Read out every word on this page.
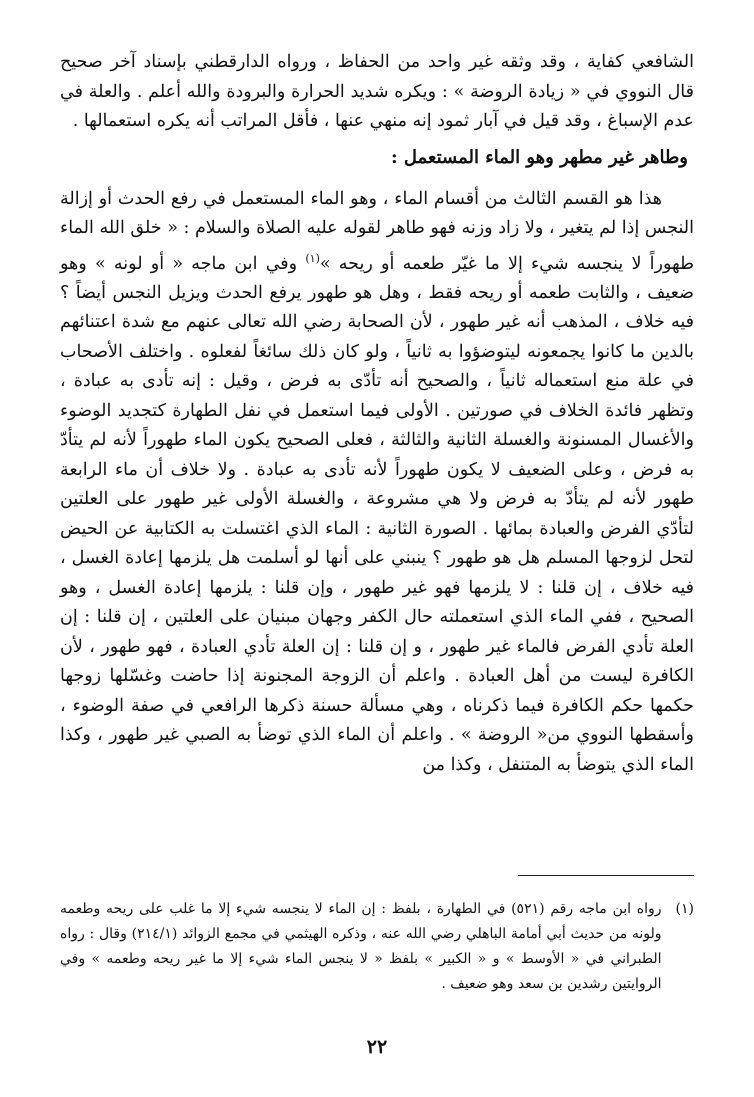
الشافعي كفاية ، وقد وثقه غير واحد من الحفاظ ، ورواه الدارقطني بإسناد آخر صحيح قال النووي في « زيادة الروضة » : ويكره شديد الحرارة والبرودة والله أعلم . والعلة في عدم الإسباغ ، وقد قيل في آبار ثمود إنه منهي عنها ، فأقل المراتب أنه يكره استعمالها .

وطاهر غير مطهر وهو الماء المستعمل :

هذا هو القسم الثالث من أقسام الماء ، وهو الماء المستعمل في رفع الحدث أو إزالة النجس إذا لم يتغير ، ولا زاد وزنه فهو طاهر لقوله عليه الصلاة والسلام : « خلق الله الماء طهوراً لا ينجسه شيء إلا ما غيّر طعمه أو ريحه »$^{(١)}$ وفي ابن ماجه « أو لونه » وهو ضعيف ، والثابت طعمه أو ريحه فقط ، وهل هو طهور يرفع الحدث ويزيل النجس أيضاً ؟ فيه خلاف ، المذهب أنه غير طهور ، لأن الصحابة رضي الله تعالى عنهم مع شدة اعتنائهم بالدين ما كانوا يجمعونه ليتوضؤوا به ثانياً ، ولو كان ذلك سائغاً لفعلوه . واختلف الأصحاب في علة منع استعماله ثانياً ، والصحيح أنه تأدّى به فرض ، وقيل : إنه تأدى به عبادة ، وتظهر فائدة الخلاف في صورتين . الأولى فيما استعمل في نفل الطهارة كتجديد الوضوء والأغسال المسنونة والغسلة الثانية والثالثة ، فعلى الصحيح يكون الماء طهوراً لأنه لم يتأدّ به فرض ، وعلى الضعيف لا يكون طهوراً لأنه تأدى به عبادة . ولا خلاف أن ماء الرابعة طهور لأنه لم يتأدّ به فرض ولا هي مشروعة ، والغسلة الأولى غير طهور على العلتين لتأدّي الفرض والعبادة بمائها . الصورة الثانية : الماء الذي اغتسلت به الكتابية عن الحيض لتحل لزوجها المسلم هل هو طهور ؟ ينبني على أنها لو أسلمت هل يلزمها إعادة الغسل ، فيه خلاف ، إن قلنا : لا يلزمها فهو غير طهور ، وإن قلنا : يلزمها إعادة الغسل ، وهو الصحيح ، ففي الماء الذي استعملته حال الكفر وجهان مبنيان على العلتين ، إن قلنا : إن العلة تأدي الفرض فالماء غير طهور ، و إن قلنا : إن العلة تأدي العبادة ، فهو طهور ، لأن الكافرة ليست من أهل العبادة . واعلم أن الزوجة المجنونة إذا حاضت وغسّلها زوجها حكمها حكم الكافرة فيما ذكرناه ، وهي مسألة حسنة ذكرها الرافعي في صفة الوضوء ، وأسقطها النووي من« الروضة » . واعلم أن الماء الذي توضأ به الصبي غير طهور ، وكذا الماء الذي يتوضأ به المتنفل ، وكذا من

(١)
رواه ابن ماجه رقم (٥٢١) في الطهارة ، بلفظ : إن الماء لا ينجسه شيء إلا ما غلب على ريحه وطعمه ولونه من حديث أبي أمامة الباهلي رضي الله عنه ، وذكره الهيثمي في مجمع الزوائد (٢١٤/١) وقال : رواه الطبراني في « الأوسط » و « الكبير » بلفظ « لا ينجس الماء شيء إلا ما غير ريحه وطعمه » وفي الروايتين رشدين بن سعد وهو ضعيف .
٢٢
